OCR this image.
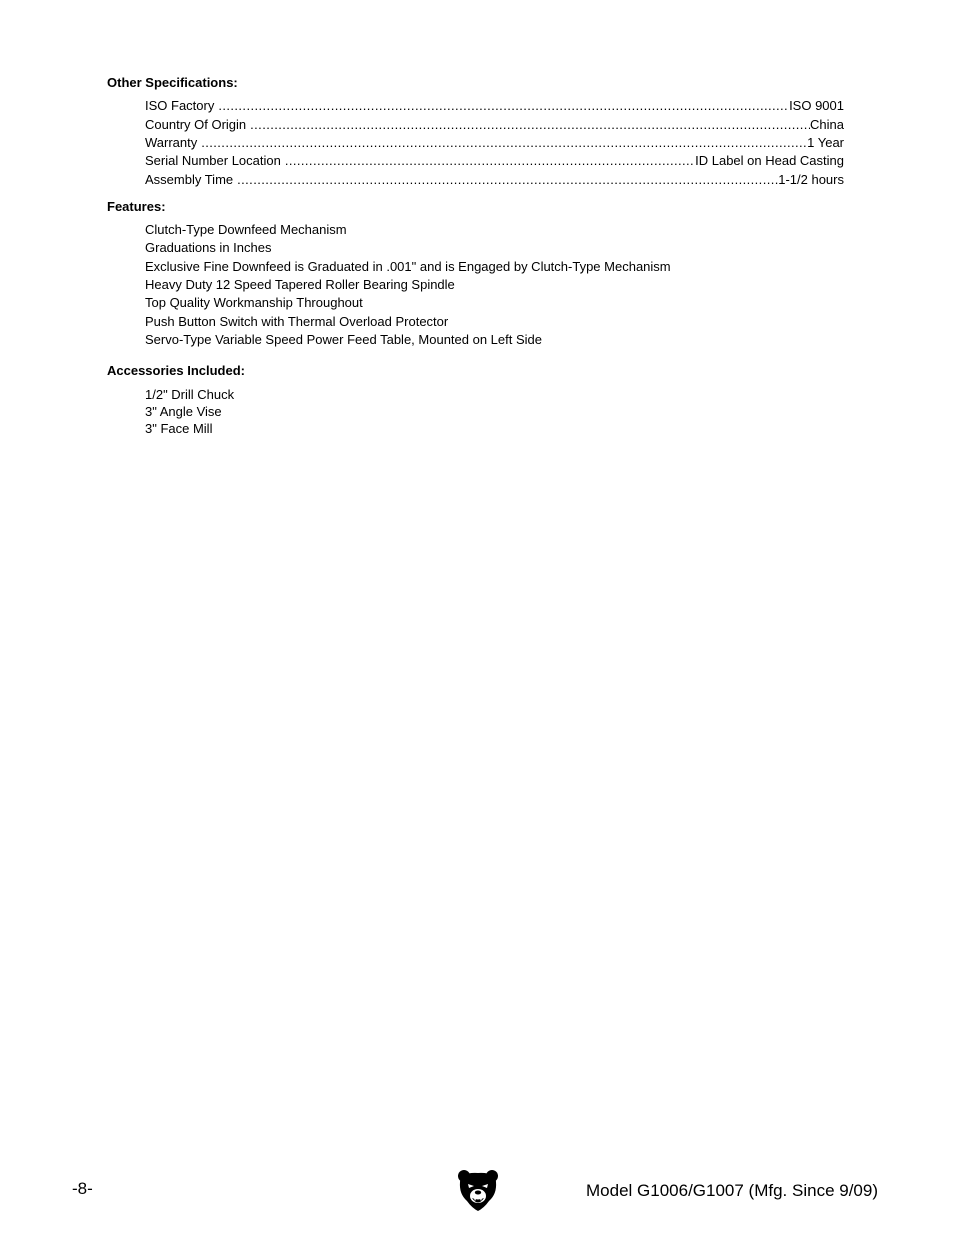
Other Specifications:
ISO Factory .....	ISO 9001
Country Of Origin .....	China
Warranty .....	1 Year
Serial Number Location .....	ID Label on Head Casting
Assembly Time .....	1-1/2 hours
Features:
Clutch-Type Downfeed Mechanism
Graduations in Inches
Exclusive Fine Downfeed is Graduated in .001" and is Engaged by Clutch-Type Mechanism
Heavy Duty 12 Speed Tapered Roller Bearing Spindle
Top Quality Workmanship Throughout
Push Button Switch with Thermal Overload Protector
Servo-Type Variable Speed Power Feed Table, Mounted on Left Side
Accessories Included:
1/2" Drill Chuck
3" Angle Vise
3" Face Mill
-8-	Model G1006/G1007 (Mfg. Since 9/09)
